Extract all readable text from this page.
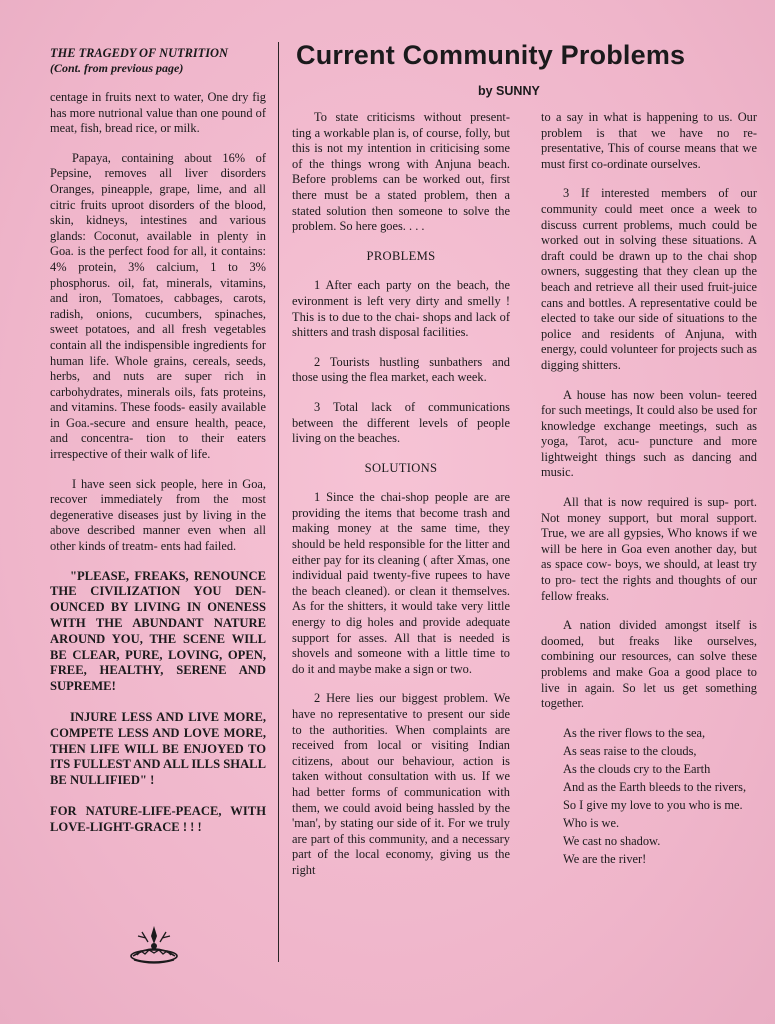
Current Community Problems
by SUNNY
THE TRAGEDY OF NUTRITION
(Cont. from previous page)

centage in fruits next to water, One dry fig has more nutrional value than one pound of meat, fish, bread rice, or milk.

Papaya, containing about 16% of Pepsine, removes all liver disorders Oranges, pineapple, grape, lime, and all citric fruits uproot disorders of the blood, skin, kidneys, intestines and various glands: Coconut, available in plenty in Goa. is the perfect food for all, it contains: 4% protein, 3% calcium, 1 to 3% phosphorus. oil, fat, minerals, vitamins, and iron, Tomatoes, cabbages, carots, radish, onions, cucumbers, spinaches, sweet potatoes, and all fresh vegetables contain all the indispensible ingredients for human life. Whole grains, cereals, seeds, herbs, and nuts are super rich in carbohydrates, minerals oils, fats proteins, and vitamins. These foods- easily available in Goa.-secure and ensure health, peace, and concentra- tion to their eaters irrespective of their walk of life.

I have seen sick people, here in Goa, recover immediately from the most degenerative diseases just by living in the above described manner even when all other kinds of treatm- ents had failed.

"PLEASE, FREAKS, RENOUNCE THE CIVILIZATION YOU DEN- OUNCED BY LIVING IN ONENESS WITH THE ABUNDANT NATURE AROUND YOU, THE SCENE WILL BE CLEAR, PURE, LOVING, OPEN, FREE, HEALTHY, SERENE AND SUPREME!
INJURE LESS AND LIVE MORE, COMPETE LESS AND LOVE MORE, THEN LIFE WILL BE ENJOYED TO ITS FULLEST AND ALL ILLS SHALL BE NULLIFIED" !
FOR NATURE-LIFE-PEACE, WITH LOVE-LIGHT-GRACE ! ! !

To state criticisms without present- ting a workable plan is, of course, folly, but this is not my intention in criticising some of the things wrong with Anjuna beach. Before problems can be worked out, first there must be a stated problem, then a stated solution then someone to solve the problem. So here goes. . . .

PROBLEMS

1 After each party on the beach, the evironment is left very dirty and smelly ! This is to due to the chai- shops and lack of shitters and trash disposal facilities.

2 Tourists hustling sunbathers and those using the flea market, each week.

3 Total lack of communications between the different levels of people living on the beaches.

SOLUTIONS

1 Since the chai-shop people are are providing the items that become trash and making money at the same time, they should be held responsible for the litter and either pay for its cleaning ( after Xmas, one individual paid twenty-five rupees to have the beach cleaned). or clean it themselves. As for the shitters, it would take very little energy to dig holes and provide adequate support for asses. All that is needed is shovels and someone with a little time to do it and maybe make a sign or two.

2 Here lies our biggest problem. We have no representative to present our side to the authorities. When complaints are received from local or visiting Indian citizens, about our behaviour, action is taken without consultation with us. If we had better forms of communication with them, we could avoid being hassled by the 'man', by stating our side of it. For we truly are part of this community, and a necessary part of the local economy, giving us the right

to a say in what is happening to us. Our problem is that we have no re- presentative, This of course means that we must first co-ordinate ourselves.

3 If interested members of our community could meet once a week to discuss current problems, much could be worked out in solving these situations. A draft could be drawn up to the chai shop owners, suggesting that they clean up the beach and retrieve all their used fruit-juice cans and bottles. A representative could be elected to take our side of situations to the police and residents of Anjuna, with energy, could volunteer for projects such as digging shitters.

A house has now been volun- teered for such meetings, It could also be used for knowledge exchange meetings, such as yoga, Tarot, acu- puncture and more lightweight things such as dancing and music.

All that is now required is sup- port. Not money support, but moral support. True, we are all gypsies, Who knows if we will be here in Goa even another day, but as space cow- boys, we should, at least try to pro- tect the rights and thoughts of our fellow freaks.

A nation divided amongst itself is doomed, but freaks like ourselves, combining our resources, can solve these problems and make Goa a good place to live in again. So let us get something together.

As the river flows to the sea,
As seas raise to the clouds,
As the clouds cry to the Earth
And as the Earth bleeds to the rivers,
So I give my love to you who is me.
Who is we.
We cast no shadow.
We are the river!
